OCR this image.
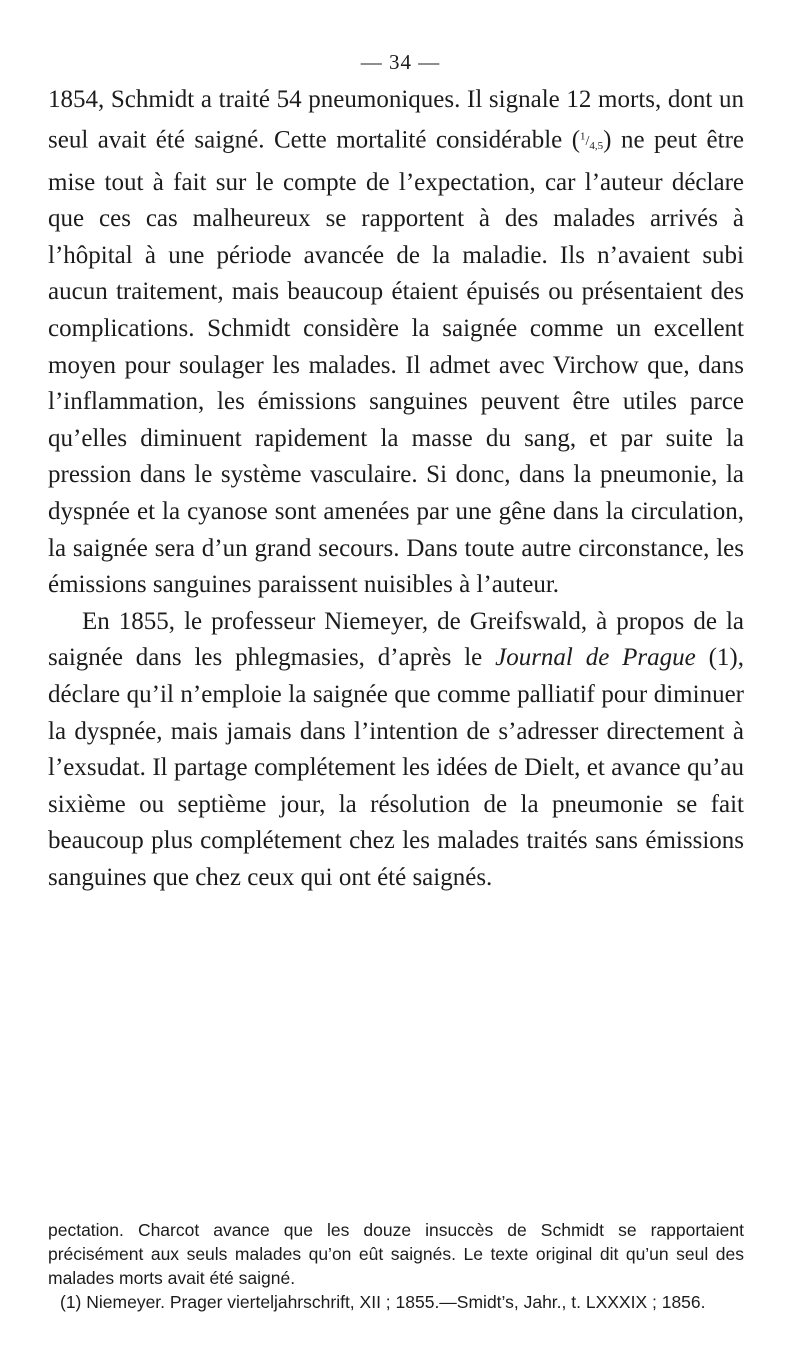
— 34 —

1854, Schmidt a traité 54 pneumoniques. Il signale 12 morts, dont un seul avait été saigné. Cette mortalité considérable $(^1/_{4,5})$ ne peut être mise tout à fait sur le compte de l’expectation, car l’auteur déclare que ces cas malheureux se rapportent à des malades arrivés à l’hôpital à une période avancée de la maladie. Ils n’avaient subi aucun traitement, mais beaucoup étaient épuisés ou présentaient des complications. Schmidt considère la saignée comme un excellent moyen pour soulager les malades. Il admet avec Virchow que, dans l’inflammation, les émissions sanguines peuvent être utiles parce qu’elles diminuent rapidement la masse du sang, et par suite la pression dans le système vasculaire. Si donc, dans la pneumonie, la dyspnée et la cyanose sont amenées par une gêne dans la circulation, la saignée sera d’un grand secours. Dans toute autre circonstance, les émissions sanguines paraissent nuisibles à l’auteur.

En 1855, le professeur Niemeyer, de Greifswald, à propos de la saignée dans les phlegmasies, d’après le Journal de Prague (1), déclare qu’il n’emploie la saignée que comme palliatif pour diminuer la dyspnée, mais jamais dans l’intention de s’adresser directement à l’exsudat. Il partage complétement les idées de Dielt, et avance qu’au sixième ou septième jour, la résolution de la pneumonie se fait beaucoup plus complétement chez les malades traités sans émissions sanguines que chez ceux qui ont été saignés.

pectation. Charcot avance que les douze insuccès de Schmidt se rapportaient précisément aux seuls malades qu’on eût saignés. Le texte original dit qu’un seul des malades morts avait été saigné.

(1) Niemeyer. Prager vierteljahrschrift, XII ; 1855.—Smidt’s, Jahr., t. LXXXIX ; 1856.
